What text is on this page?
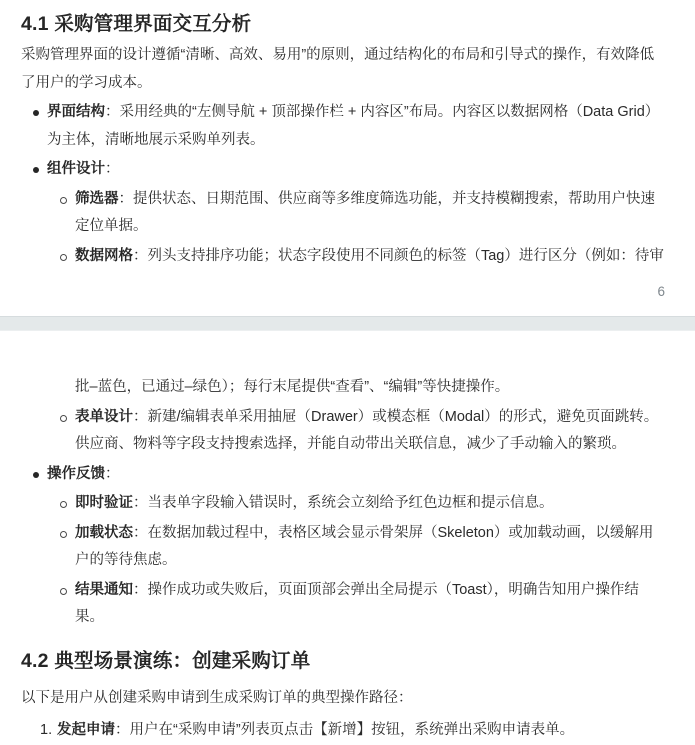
4.1 采购管理界面交互分析

采购管理界面的设计遵循“清晰、高效、易用”的原则，通过结构化的布局和引导式的操作，有效降低了用户的学习成本。

界面结构：采用经典的“左侧导航 + 顶部操作栏 + 内容区”布局。内容区以数据网格（Data Grid）为主体，清晰地展示采购单列表。
组件设计：
筛选器：提供状态、日期范围、供应商等多维度筛选功能，并支持模糊搜索，帮助用户快速定位单据。
数据网格：列头支持排序功能；状态字段使用不同颜色的标签（Tag）进行区分（例如：待审
6
批–蓝色，已通过–绿色）；每行末尾提供“查看”、“编辑”等快捷操作。
表单设计：新建/编辑表单采用抽屉（Drawer）或模态框（Modal）的形式，避免页面跳转。供应商、物料等字段支持搜索选择，并能自动带出关联信息，减少了手动输入的繁琐。
操作反馈：
即时验证：当表单字段输入错误时，系统会立刻给予红色边框和提示信息。
加载状态：在数据加载过程中，表格区域会显示骨架屏（Skeleton）或加载动画，以缓解用户的等待焦虑。
结果通知：操作成功或失败后，页面顶部会弹出全局提示（Toast），明确告知用户操作结果。
4.2 典型场景演练：创建采购订单

以下是用户从创建采购申请到生成采购订单的典型操作路径：

1. 发起申请：用户在“采购申请”列表页点击【新增】按钮，系统弹出采购申请表单。
